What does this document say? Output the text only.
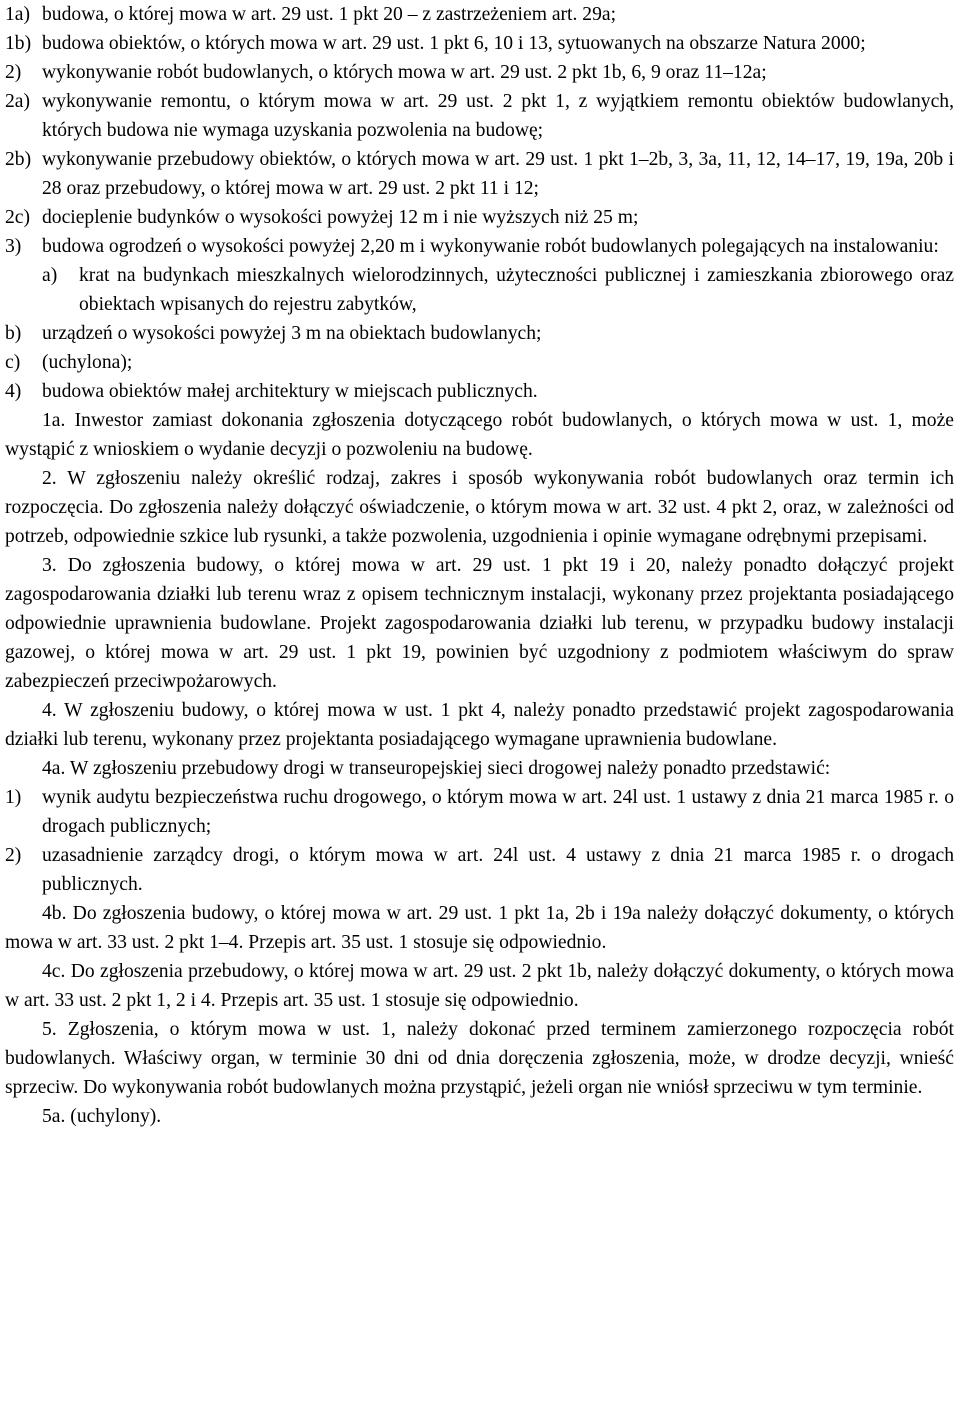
1a) budowa, o której mowa w art. 29 ust. 1 pkt 20 – z zastrzeżeniem art. 29a;

1b) budowa obiektów, o których mowa w art. 29 ust. 1 pkt 6, 10 i 13, sytuowanych na obszarze Natura 2000;

2) wykonywanie robót budowlanych, o których mowa w art. 29 ust. 2 pkt 1b, 6, 9 oraz 11–12a;

2a) wykonywanie remontu, o którym mowa w art. 29 ust. 2 pkt 1, z wyjątkiem remontu obiektów budowlanych, których budowa nie wymaga uzyskania pozwolenia na budowę;

2b) wykonywanie przebudowy obiektów, o których mowa w art. 29 ust. 1 pkt 1–2b, 3, 3a, 11, 12, 14–17, 19, 19a, 20b i 28 oraz przebudowy, o której mowa w art. 29 ust. 2 pkt 11 i 12;

2c) docieplenie budynków o wysokości powyżej 12 m i nie wyższych niż 25 m;

3) budowa ogrodzeń o wysokości powyżej 2,20 m i wykonywanie robót budowlanych polegających na instalowaniu:

a) krat na budynkach mieszkalnych wielorodzinnych, użyteczności publicznej i zamieszkania zbiorowego oraz obiektach wpisanych do rejestru zabytków,

b) urządzeń o wysokości powyżej 3 m na obiektach budowlanych;

c) (uchylona);

4) budowa obiektów małej architektury w miejscach publicznych.

1a. Inwestor zamiast dokonania zgłoszenia dotyczącego robót budowlanych, o których mowa w ust. 1, może wystąpić z wnioskiem o wydanie decyzji o pozwoleniu na budowę.

2. W zgłoszeniu należy określić rodzaj, zakres i sposób wykonywania robót budowlanych oraz termin ich rozpoczęcia. Do zgłoszenia należy dołączyć oświadczenie, o którym mowa w art. 32 ust. 4 pkt 2, oraz, w zależności od potrzeb, odpowiednie szkice lub rysunki, a także pozwolenia, uzgodnienia i opinie wymagane odrębnymi przepisami.

3. Do zgłoszenia budowy, o której mowa w art. 29 ust. 1 pkt 19 i 20, należy ponadto dołączyć projekt zagospodarowania działki lub terenu wraz z opisem technicznym instalacji, wykonany przez projektanta posiadającego odpowiednie uprawnienia budowlane. Projekt zagospodarowania działki lub terenu, w przypadku budowy instalacji gazowej, o której mowa w art. 29 ust. 1 pkt 19, powinien być uzgodniony z podmiotem właściwym do spraw zabezpieczeń przeciwpożarowych.

4. W zgłoszeniu budowy, o której mowa w ust. 1 pkt 4, należy ponadto przedstawić projekt zagospodarowania działki lub terenu, wykonany przez projektanta posiadającego wymagane uprawnienia budowlane.

4a. W zgłoszeniu przebudowy drogi w transeuropejskiej sieci drogowej należy ponadto przedstawić:

1) wynik audytu bezpieczeństwa ruchu drogowego, o którym mowa w art. 24l ust. 1 ustawy z dnia 21 marca 1985 r. o drogach publicznych;

2) uzasadnienie zarządcy drogi, o którym mowa w art. 24l ust. 4 ustawy z dnia 21 marca 1985 r. o drogach publicznych.

4b. Do zgłoszenia budowy, o której mowa w art. 29 ust. 1 pkt 1a, 2b i 19a należy dołączyć dokumenty, o których mowa w art. 33 ust. 2 pkt 1–4. Przepis art. 35 ust. 1 stosuje się odpowiednio.

4c. Do zgłoszenia przebudowy, o której mowa w art. 29 ust. 2 pkt 1b, należy dołączyć dokumenty, o których mowa w art. 33 ust. 2 pkt 1, 2 i 4. Przepis art. 35 ust. 1 stosuje się odpowiednio.

5. Zgłoszenia, o którym mowa w ust. 1, należy dokonać przed terminem zamierzonego rozpoczęcia robót budowlanych. Właściwy organ, w terminie 30 dni od dnia doręczenia zgłoszenia, może, w drodze decyzji, wnieść sprzeciw. Do wykonywania robót budowlanych można przystąpić, jeżeli organ nie wniósł sprzeciwu w tym terminie.

5a. (uchylony).
